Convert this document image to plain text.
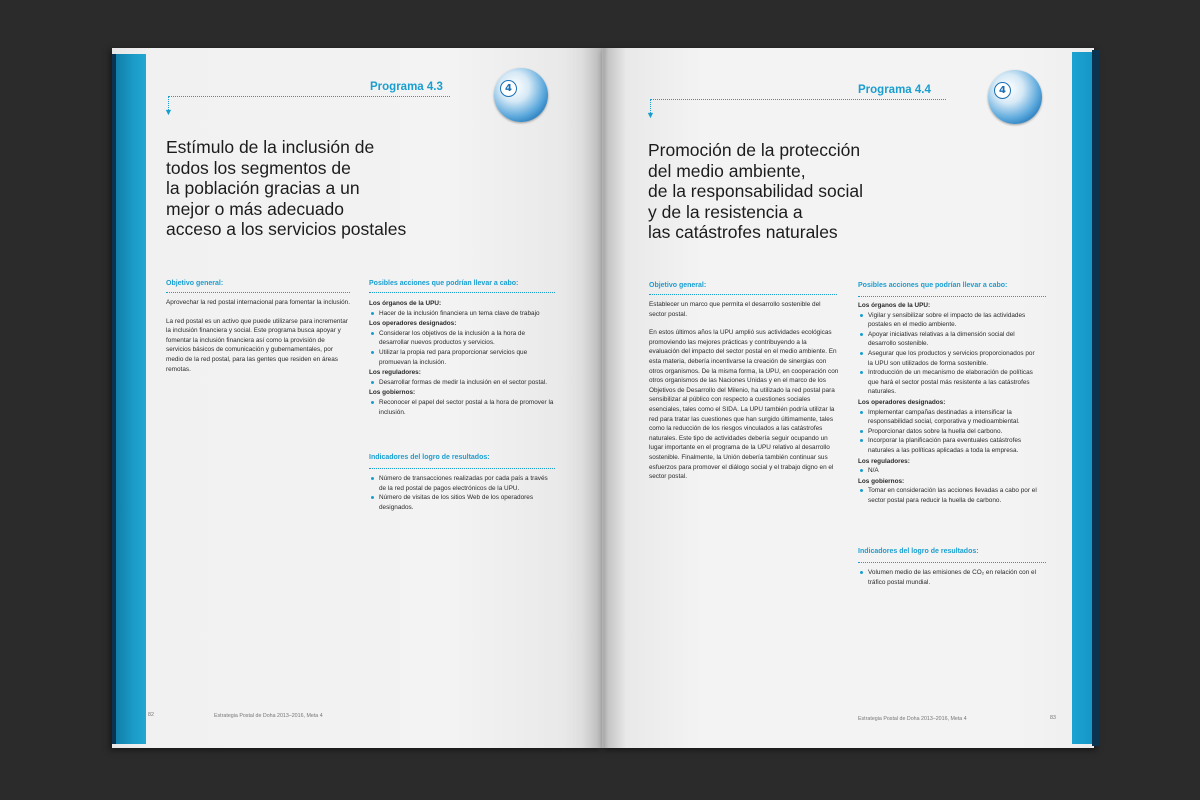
Programa 4.3
▼
4
Estímulo de la inclusión de
todos los segmentos de
la población gracias a un
mejor o más adecuado
acceso a los servicios postales
Objetivo general:

Aprovechar la red postal internacional para fomentar la inclusión.

La red postal es un activo que puede utilizarse para incrementar la inclusión financiera y social. Este programa busca apoyar y fomentar la inclusión financiera así como la provisión de servicios básicos de comunicación y gubernamentales, por medio de la red postal, para las gentes que residen en áreas remotas.

Posibles acciones que podrían llevar a cabo:
Los órganos de la UPU:
Hacer de la inclusión financiera un tema clave de trabajo
Los operadores designados:
Considerar los objetivos de la inclusión a la hora de desarrollar nuevos productos y servicios.
Utilizar la propia red para proporcionar servicios que promuevan la inclusión.
Los reguladores:
Desarrollar formas de medir la inclusión en el sector postal.
Los gobiernos:
Reconocer el papel del sector postal a la hora de promover la inclusión.
Indicadores del logro de resultados:
Número de transacciones realizadas por cada país a través de la red postal de pagos electrónicos de la UPU.
Número de visitas de los sitios Web de los operadores designados.
82	Estrategia Postal de Doha 2013–2016, Meta 4
Programa 4.4
▼
4
Promoción de la protección
del medio ambiente,
de la responsabilidad social
y de la resistencia a
las catástrofes naturales
Objetivo general:

Establecer un marco que permita el desarrollo sostenible del sector postal.

En estos últimos años la UPU amplió sus actividades ecológicas promoviendo las mejores prácticas y contribuyendo a la evaluación del impacto del sector postal en el medio ambiente. En esta materia, debería incentivarse la creación de sinergias con otros organismos. De la misma forma, la UPU, en cooperación con otros organismos de las Naciones Unidas y en el marco de los Objetivos de Desarrollo del Milenio, ha utilizado la red postal para sensibilizar al público con respecto a cuestiones sociales esenciales, tales como el SIDA. La UPU también podría utilizar la red para tratar las cuestiones que han surgido últimamente, tales como la reducción de los riesgos vinculados a las catástrofes naturales. Este tipo de actividades debería seguir ocupando un lugar importante en el programa de la UPU relativo al desarrollo sostenible. Finalmente, la Unión debería también continuar sus esfuerzos para promover el diálogo social y el trabajo digno en el sector postal.

Posibles acciones que podrían llevar a cabo:
Los órganos de la UPU:
Vigilar y sensibilizar sobre el impacto de las actividades postales en el medio ambiente.
Apoyar iniciativas relativas a la dimensión social del desarrollo sostenible.
Asegurar que los productos y servicios proporcionados por la UPU son utilizados de forma sostenible.
Introducción de un mecanismo de elaboración de políticas que hará el sector postal más resistente a las catástrofes naturales.
Los operadores designados:
Implementar campañas destinadas a intensificar la responsabilidad social, corporativa y medioambiental.
Proporcionar datos sobre la huella del carbono.
Incorporar la planificación para eventuales catástrofes naturales a las políticas aplicadas a toda la empresa.
Los reguladores:
N/A
Los gobiernos:
Tomar en consideración las acciones llevadas a cabo por el sector postal para reducir la huella de carbono.
Indicadores del logro de resultados:
Volumen medio de las emisiones de CO₂ en relación con el tráfico postal mundial.
Estrategia Postal de Doha 2013–2016, Meta 4	83
